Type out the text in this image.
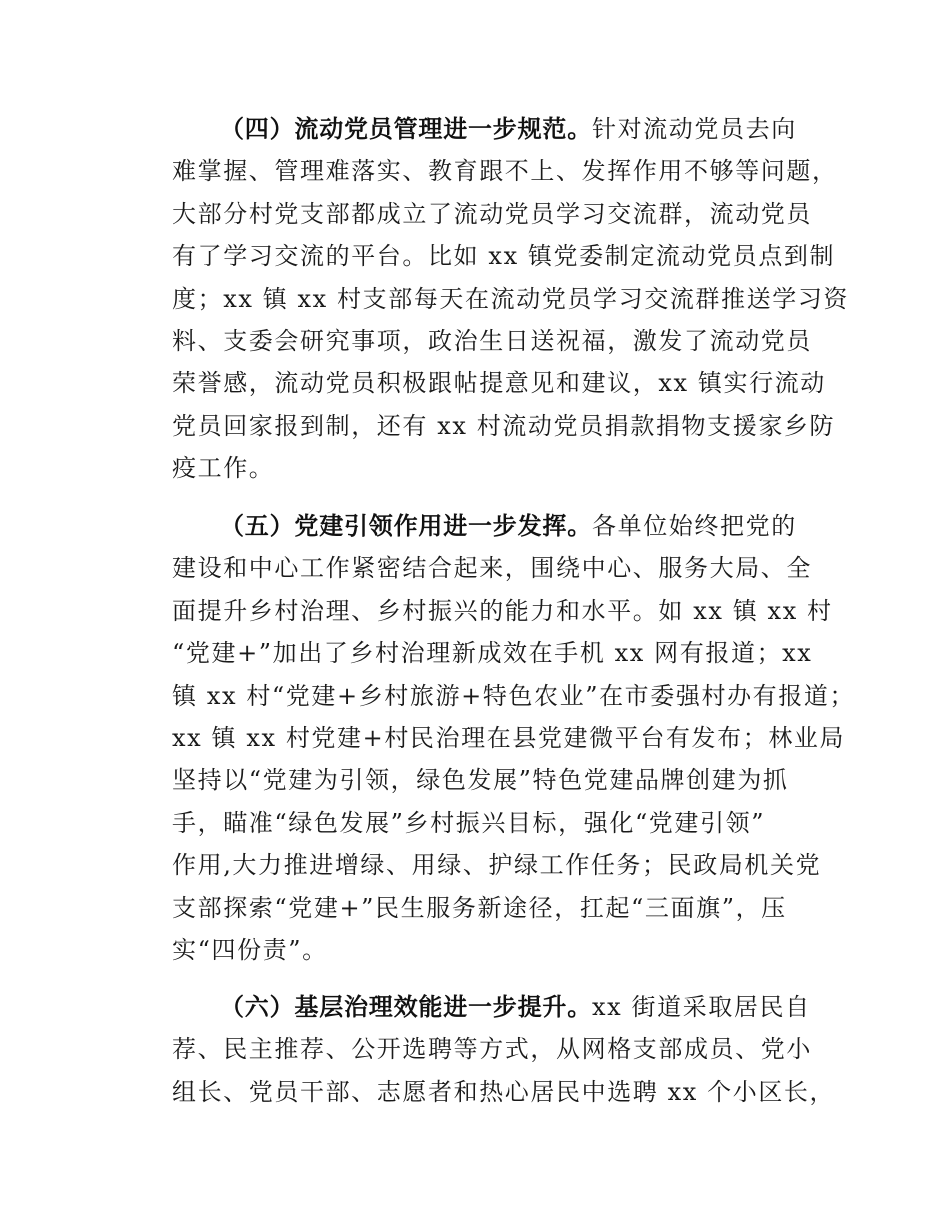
（四）流动党员管理进一步规范。针对流动党员去向
难掌握、管理难落实、教育跟不上、发挥作用不够等问题，
大部分村党支部都成立了流动党员学习交流群，流动党员
有了学习交流的平台。比如 xx 镇党委制定流动党员点到制
度；xx 镇 xx 村支部每天在流动党员学习交流群推送学习资
料、支委会研究事项，政治生日送祝福，激发了流动党员
荣誉感，流动党员积极跟帖提意见和建议，xx 镇实行流动
党员回家报到制，还有 xx 村流动党员捐款捐物支援家乡防
疫工作。
（五）党建引领作用进一步发挥。各单位始终把党的
建设和中心工作紧密结合起来，围绕中心、服务大局、全
面提升乡村治理、乡村振兴的能力和水平。如 xx 镇 xx 村
“党建+”加出了乡村治理新成效在手机 xx 网有报道；xx
镇 xx 村“党建+乡村旅游+特色农业”在市委强村办有报道；
xx 镇 xx 村党建+村民治理在县党建微平台有发布；林业局
坚持以“党建为引领，绿色发展”特色党建品牌创建为抓
手，瞄准“绿色发展”乡村振兴目标，强化“党建引领”
作用,大力推进增绿、用绿、护绿工作任务；民政局机关党
支部探索“党建+”民生服务新途径，扛起“三面旗”，压
实“四份责”。
（六）基层治理效能进一步提升。xx 街道采取居民自
荐、民主推荐、公开选聘等方式，从网格支部成员、党小
组长、党员干部、志愿者和热心居民中选聘 xx 个小区长，
